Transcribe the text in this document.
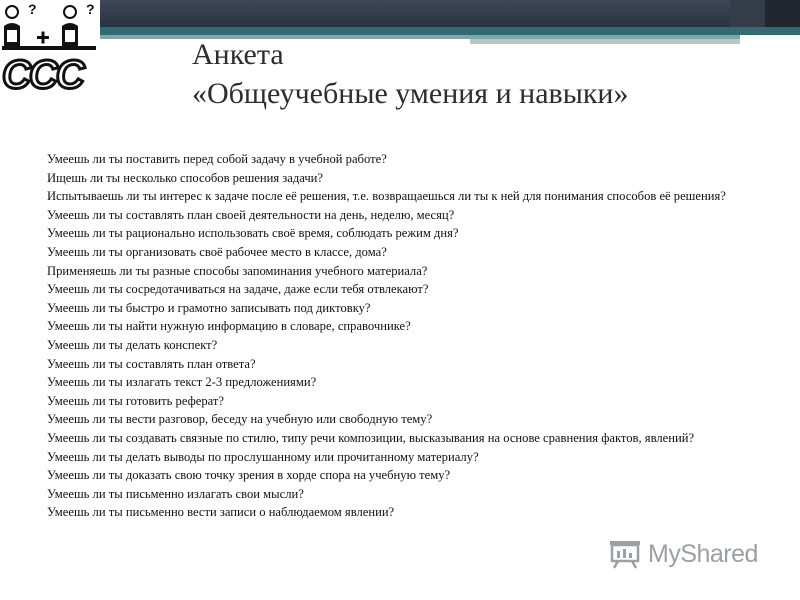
?	?
CCC	Анкета
«Общеучебные умения и навыки»
Умеешь ли ты поставить перед собой задачу в учебной работе?
Ищешь ли ты несколько способов решения задачи?
Испытываешь ли ты интерес к задаче после её решения, т.е. возвращаешься ли ты к ней для понимания способов её решения?
Умеешь ли ты составлять план своей деятельности на день, неделю, месяц?
Умеешь ли ты рационально использовать своё время, соблюдать режим дня?
Умеешь ли ты организовать своё рабочее место в классе, дома?
Применяешь ли ты разные способы запоминания учебного материала?
Умеешь ли ты сосредотачиваться на задаче, даже если тебя отвлекают?
Умеешь ли ты быстро и грамотно записывать под диктовку?
Умеешь ли ты найти нужную информацию в словаре, справочнике?
Умеешь ли ты делать конспект?
Умеешь ли ты составлять план ответа?
Умеешь ли ты излагать текст 2-3 предложениями?
Умеешь ли ты готовить реферат?
Умеешь ли ты вести разговор, беседу на учебную или свободную тему?
Умеешь ли ты создавать связные по стилю, типу речи композиции, высказывания на основе сравнения фактов, явлений?
Умеешь ли ты делать выводы по прослушанному или прочитанному материалу?
Умеешь ли ты доказать свою точку зрения в хорде спора на учебную тему?
Умеешь ли ты письменно излагать свои мысли?
Умеешь ли ты письменно вести записи о наблюдаемом явлении?
MyShared
